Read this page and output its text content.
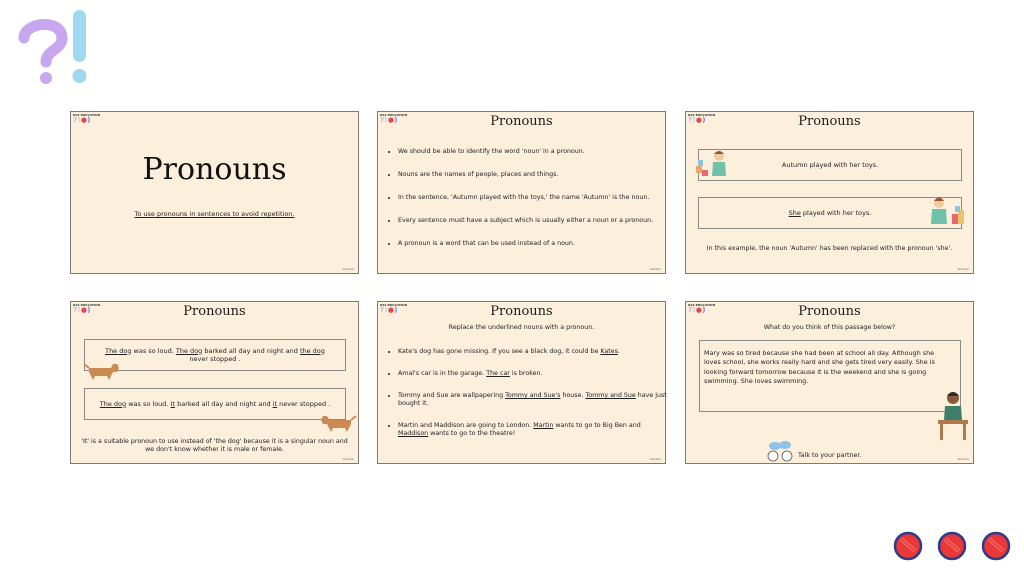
KS2 EDUCATION
?!●)
Pronouns
To use pronouns in sentences to avoid repetition.
▬▬▬▬
KS2 EDUCATION
?!●)	Pronouns
• We should be able to identify the word 'noun' in a pronoun.
• Nouns are the names of people, places and things.
• In the sentence, 'Autumn played with the toys,' the name 'Autumn' is the noun.
• Every sentence must have a subject which is usually either a noun or a pronoun.
• A pronoun is a word that can be used instead of a noun.
▬▬▬▬
KS2 EDUCATION
?!●)	Pronouns
Autumn played with her toys.
She played with her toys.
In this example, the noun 'Autumn' has been replaced with the pronoun 'she'.
▬▬▬▬
KS2 EDUCATION
?!●)	Pronouns
The dog was so loud. The dog barked all day and night and the dog never stopped .
The dog was so loud. It barked all day and night and it never stopped .
'It' is a suitable pronoun to use instead of 'the dog' because it is a singular noun and we don't know whether it is male or female.
▬▬▬▬
KS2 EDUCATION
?!●)	Pronouns
Replace the underlined nouns with a pronoun.
• Kate's dog has gone missing. If you see a black dog, it could be Kates.
• Amal's car is in the garage. The car is broken.
• Tommy and Sue are wallpapering Tommy and Sue's house. Tommy and Sue have just bought it.
• Martin and Maddison are going to London. Martin wants to go to Big Ben and Maddison wants to go to the theatre!
▬▬▬▬
KS2 EDUCATION
?!●)	Pronouns
What do you think of this passage below?
Mary was so tired because she had been at school all day. Although she loves school, she works really hard and she gets tired very easily. She is looking forward tomorrow because it is the weekend and she is going swimming. She loves swimming.
Talk to your partner.	▬▬▬▬
